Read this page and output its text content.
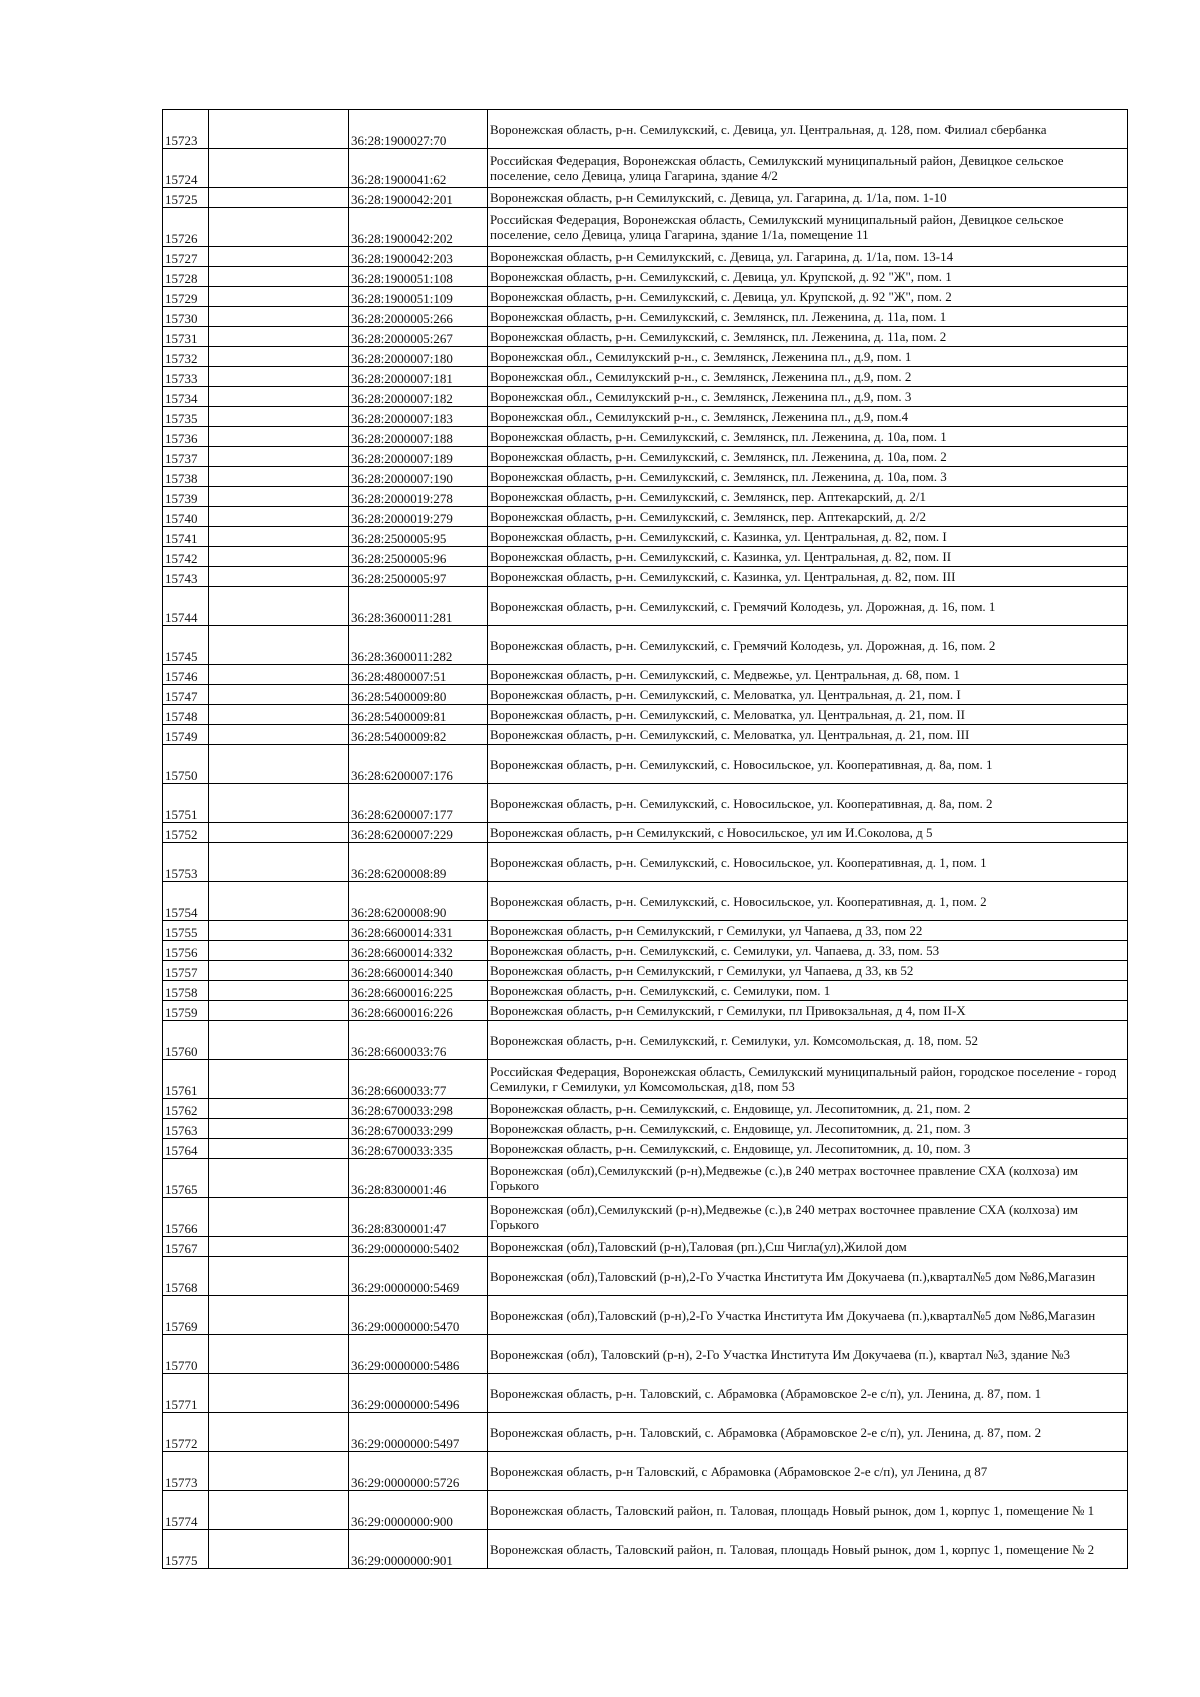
15723		36:28:1900027:70	Воронежская область, р-н. Семилукский, с. Девица, ул. Центральная, д. 128, пом. Филиал сбербанка
15724		36:28:1900041:62	Российская Федерация, Воронежская область, Семилукский муниципальный район, Девицкое сельское поселение, село Девица, улица Гагарина, здание 4/2
15725		36:28:1900042:201	Воронежская область, р-н Семилукский, с. Девица, ул. Гагарина, д. 1/1а, пом. 1-10
15726		36:28:1900042:202	Российская Федерация, Воронежская область, Семилукский муниципальный район, Девицкое сельское поселение, село Девица, улица Гагарина, здание 1/1а, помещение 11
15727		36:28:1900042:203	Воронежская область, р-н Семилукский, с. Девица, ул. Гагарина, д. 1/1а, пом. 13-14
15728		36:28:1900051:108	Воронежская область, р-н. Семилукский, с. Девица, ул. Крупской, д. 92 "Ж", пом. 1
15729		36:28:1900051:109	Воронежская область, р-н. Семилукский, с. Девица, ул. Крупской, д. 92 "Ж", пом. 2
15730		36:28:2000005:266	Воронежская область, р-н. Семилукский, с. Землянск, пл. Леженина, д. 11а, пом. 1
15731		36:28:2000005:267	Воронежская область, р-н. Семилукский, с. Землянск, пл. Леженина, д. 11а, пом. 2
15732		36:28:2000007:180	Воронежская обл., Семилукский р-н., с. Землянск, Леженина пл., д.9, пом. 1
15733		36:28:2000007:181	Воронежская обл., Семилукский р-н., с. Землянск, Леженина пл., д.9, пом. 2
15734		36:28:2000007:182	Воронежская обл., Семилукский р-н., с. Землянск, Леженина пл., д.9, пом. 3
15735		36:28:2000007:183	Воронежская обл., Семилукский р-н., с. Землянск, Леженина пл., д.9, пом.4
15736		36:28:2000007:188	Воронежская область, р-н. Семилукский, с. Землянск, пл. Леженина, д. 10а, пом. 1
15737		36:28:2000007:189	Воронежская область, р-н. Семилукский, с. Землянск, пл. Леженина, д. 10а, пом. 2
15738		36:28:2000007:190	Воронежская область, р-н. Семилукский, с. Землянск, пл. Леженина, д. 10а, пом. 3
15739		36:28:2000019:278	Воронежская область, р-н. Семилукский, с. Землянск, пер. Аптекарский, д. 2/1
15740		36:28:2000019:279	Воронежская область, р-н. Семилукский, с. Землянск, пер. Аптекарский, д. 2/2
15741		36:28:2500005:95	Воронежская область, р-н. Семилукский, с. Казинка, ул. Центральная, д. 82, пом. I
15742		36:28:2500005:96	Воронежская область, р-н. Семилукский, с. Казинка, ул. Центральная, д. 82, пом. II
15743		36:28:2500005:97	Воронежская область, р-н. Семилукский, с. Казинка, ул. Центральная, д. 82, пом. III
15744		36:28:3600011:281	Воронежская область, р-н. Семилукский, с. Гремячий Колодезь, ул. Дорожная, д. 16, пом. 1
15745		36:28:3600011:282	Воронежская область, р-н. Семилукский, с. Гремячий Колодезь, ул. Дорожная, д. 16, пом. 2
15746		36:28:4800007:51	Воронежская область, р-н. Семилукский, с. Медвежье, ул. Центральная, д. 68, пом. 1
15747		36:28:5400009:80	Воронежская область, р-н. Семилукский, с. Меловатка, ул. Центральная, д. 21, пом. I
15748		36:28:5400009:81	Воронежская область, р-н. Семилукский, с. Меловатка, ул. Центральная, д. 21, пом. II
15749		36:28:5400009:82	Воронежская область, р-н. Семилукский, с. Меловатка, ул. Центральная, д. 21, пом. III
15750		36:28:6200007:176	Воронежская область, р-н. Семилукский, с. Новосильское, ул. Кооперативная, д. 8а, пом. 1
15751		36:28:6200007:177	Воронежская область, р-н. Семилукский, с. Новосильское, ул. Кооперативная, д. 8а, пом. 2
15752		36:28:6200007:229	Воронежская область, р-н Семилукский, с Новосильское, ул им И.Соколова, д 5
15753		36:28:6200008:89	Воронежская область, р-н. Семилукский, с. Новосильское, ул. Кооперативная, д. 1, пом. 1
15754		36:28:6200008:90	Воронежская область, р-н. Семилукский, с. Новосильское, ул. Кооперативная, д. 1, пом. 2
15755		36:28:6600014:331	Воронежская область, р-н Семилукский, г Семилуки, ул Чапаева, д 33, пом 22
15756		36:28:6600014:332	Воронежская область, р-н. Семилукский, с. Семилуки, ул. Чапаева, д. 33, пом. 53
15757		36:28:6600014:340	Воронежская область, р-н Семилукский, г Семилуки, ул Чапаева, д 33, кв 52
15758		36:28:6600016:225	Воронежская область, р-н. Семилукский, с. Семилуки, пом. 1
15759		36:28:6600016:226	Воронежская область, р-н Семилукский, г Семилуки, пл Привокзальная, д 4, пом II-X
15760		36:28:6600033:76	Воронежская область, р-н. Семилукский, г. Семилуки, ул. Комсомольская, д. 18, пом. 52
15761		36:28:6600033:77	Российская Федерация, Воронежская область, Семилукский муниципальный район, городское поселение - город Семилуки, г Семилуки, ул Комсомольская, д18, пом 53
15762		36:28:6700033:298	Воронежская область, р-н. Семилукский, с. Ендовище, ул. Лесопитомник, д. 21, пом. 2
15763		36:28:6700033:299	Воронежская область, р-н. Семилукский, с. Ендовище, ул. Лесопитомник, д. 21, пом. 3
15764		36:28:6700033:335	Воронежская область, р-н. Семилукский, с. Ендовище, ул. Лесопитомник, д. 10, пом. 3
15765		36:28:8300001:46	Воронежская (обл),Семилукский (р-н),Медвежье (с.),в 240 метрах восточнее правление СХА (колхоза) им Горького
15766		36:28:8300001:47	Воронежская (обл),Семилукский (р-н),Медвежье (с.),в 240 метрах восточнее правление СХА (колхоза) им Горького
15767		36:29:0000000:5402	Воронежская (обл),Таловский (р-н),Таловая (рп.),Сш Чигла(ул),Жилой дом
15768		36:29:0000000:5469	Воронежская (обл),Таловский (р-н),2-Го Участка Института Им Докучаева (п.),квартал№5 дом №86,Магазин
15769		36:29:0000000:5470	Воронежская (обл),Таловский (р-н),2-Го Участка Института Им Докучаева (п.),квартал№5 дом №86,Магазин
15770		36:29:0000000:5486	Воронежская (обл), Таловский (р-н), 2-Го Участка Института Им Докучаева (п.), квартал №3, здание №3
15771		36:29:0000000:5496	Воронежская область, р-н. Таловский, с. Абрамовка (Абрамовское 2-е с/п), ул. Ленина, д. 87, пом. 1
15772		36:29:0000000:5497	Воронежская область, р-н. Таловский, с. Абрамовка (Абрамовское 2-е с/п), ул. Ленина, д. 87, пом. 2
15773		36:29:0000000:5726	Воронежская область, р-н Таловский, с Абрамовка (Абрамовское 2-е с/п), ул Ленина, д 87
15774		36:29:0000000:900	Воронежская область, Таловский район, п. Таловая, площадь Новый рынок, дом 1, корпус 1, помещение № 1
15775		36:29:0000000:901	Воронежская область, Таловский район, п. Таловая, площадь Новый рынок, дом 1, корпус 1, помещение № 2
